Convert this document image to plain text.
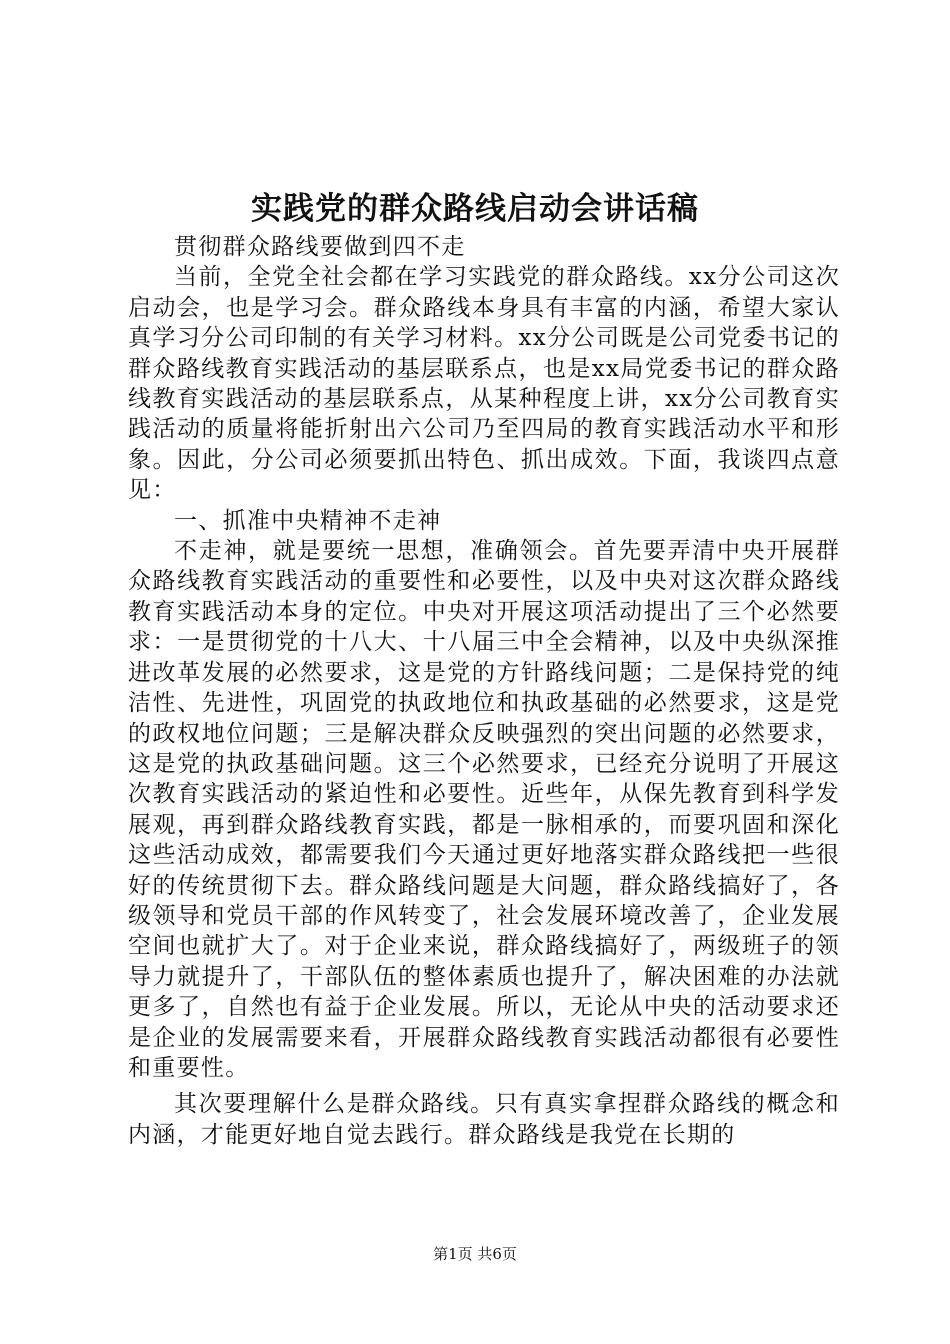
实践党的群众路线启动会讲话稿

贯彻群众路线要做到四不走

当前，全党全社会都在学习实践党的群众路线。xx分公司这次启动会，也是学习会。群众路线本身具有丰富的内涵，希望大家认真学习分公司印制的有关学习材料。xx分公司既是公司党委书记的群众路线教育实践活动的基层联系点，也是xx局党委书记的群众路线教育实践活动的基层联系点，从某种程度上讲，xx分公司教育实践活动的质量将能折射出六公司乃至四局的教育实践活动水平和形象。因此，分公司必须要抓出特色、抓出成效。下面，我谈四点意见：

一、抓准中央精神不走神

不走神，就是要统一思想，准确领会。首先要弄清中央开展群众路线教育实践活动的重要性和必要性，以及中央对这次群众路线教育实践活动本身的定位。中央对开展这项活动提出了三个必然要求：一是贯彻党的十八大、十八届三中全会精神，以及中央纵深推进改革发展的必然要求，这是党的方针路线问题；二是保持党的纯洁性、先进性，巩固党的执政地位和执政基础的必然要求，这是党的政权地位问题；三是解决群众反映强烈的突出问题的必然要求，这是党的执政基础问题。这三个必然要求，已经充分说明了开展这次教育实践活动的紧迫性和必要性。近些年，从保先教育到科学发展观，再到群众路线教育实践，都是一脉相承的，而要巩固和深化这些活动成效，都需要我们今天通过更好地落实群众路线把一些很好的传统贯彻下去。群众路线问题是大问题，群众路线搞好了，各级领导和党员干部的作风转变了，社会发展环境改善了，企业发展空间也就扩大了。对于企业来说，群众路线搞好了，两级班子的领导力就提升了，干部队伍的整体素质也提升了，解决困难的办法就更多了，自然也有益于企业发展。所以，无论从中央的活动要求还是企业的发展需要来看，开展群众路线教育实践活动都很有必要性和重要性。

其次要理解什么是群众路线。只有真实拿捏群众路线的概念和内涵，才能更好地自觉去践行。群众路线是我党在长期的

第1页 共6页
